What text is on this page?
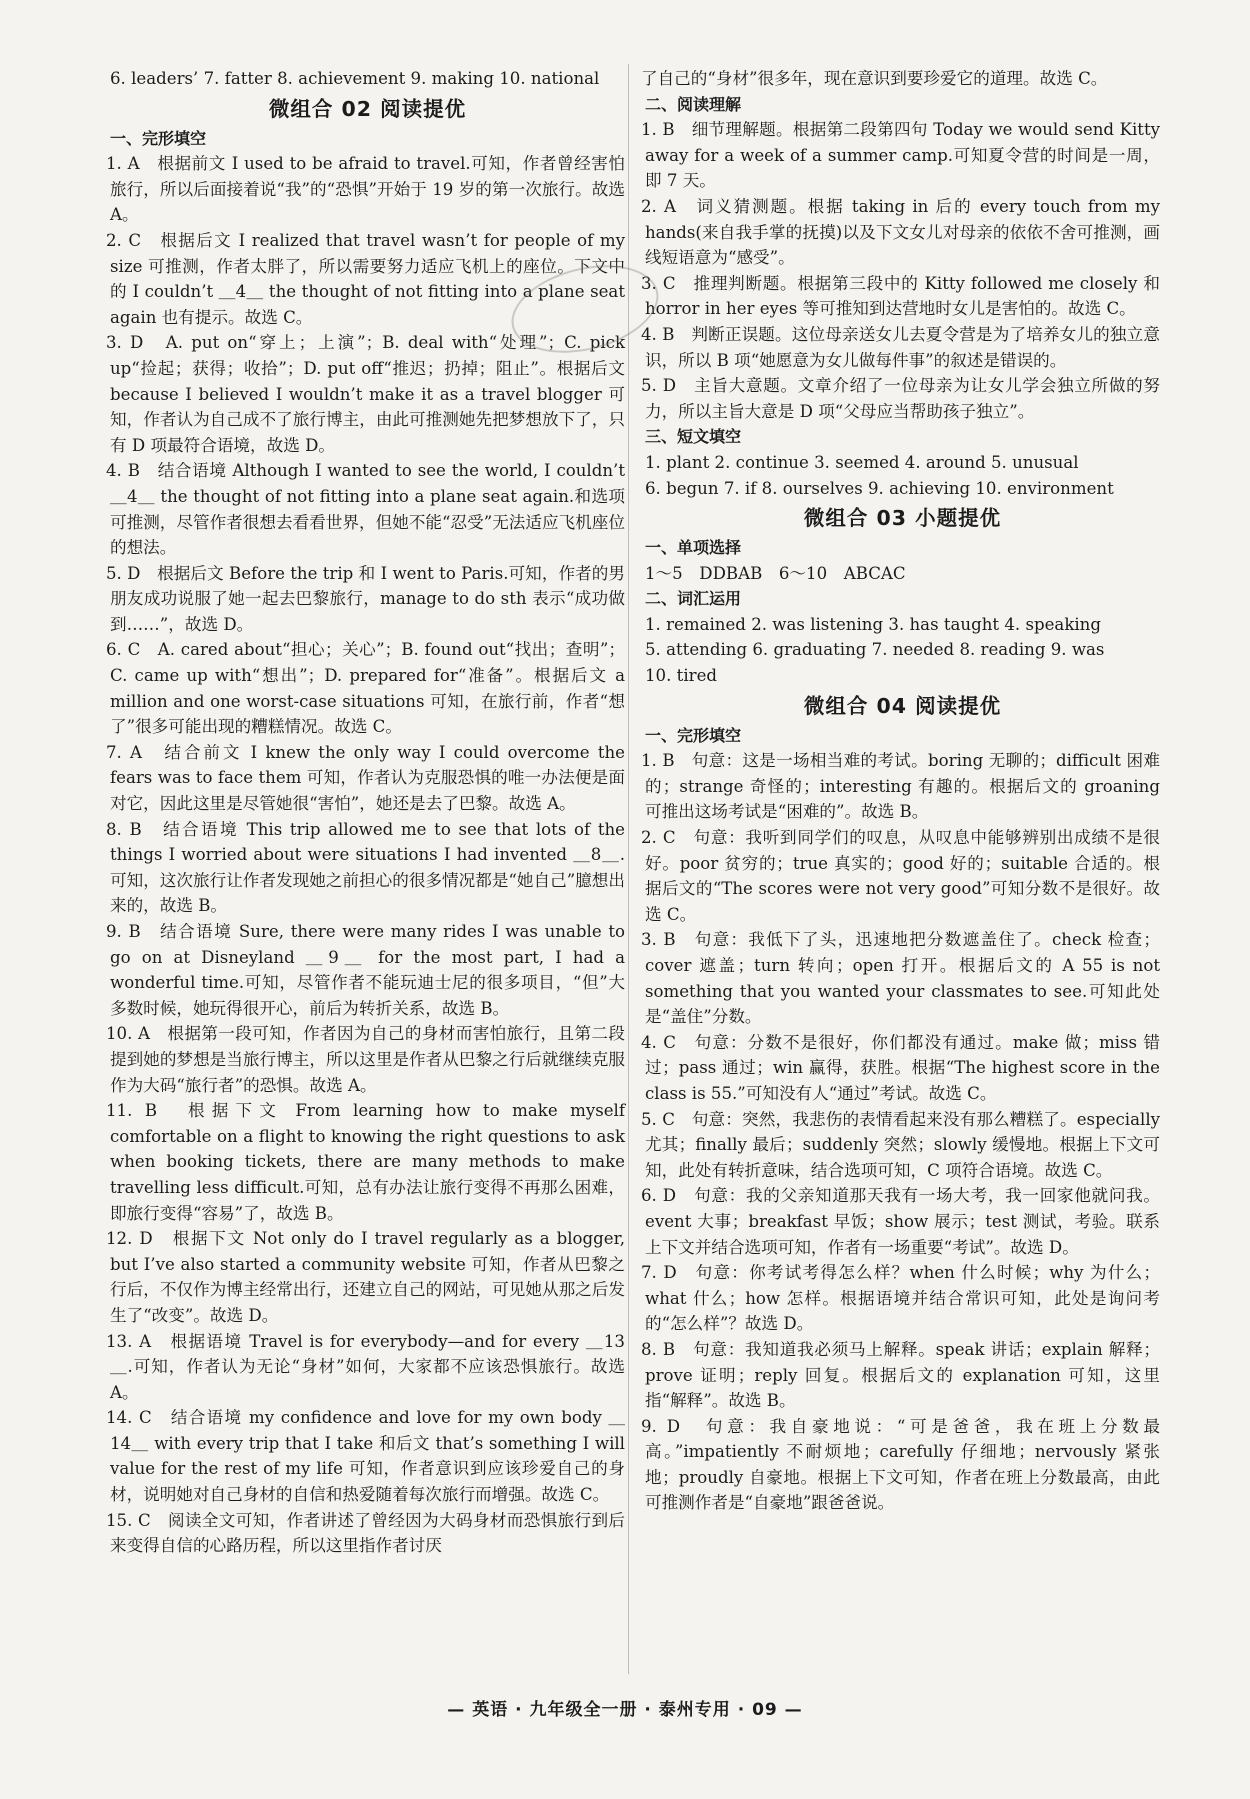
6. leaders’ 7. fatter 8. achievement 9. making 10. national
微组合 02 阅读提优
一、完形填空
1. A　根据前文 I used to be afraid to travel.可知，作者曾经害怕旅行，所以后面接着说“我”的“恐惧”开始于 19 岁的第一次旅行。故选 A。
2. C　根据后文 I realized that travel wasn’t for people of my size 可推测，作者太胖了，所以需要努力适应飞机上的座位。下文中的 I couldn’t ＿4＿ the thought of not fitting into a plane seat again 也有提示。故选 C。
3. D　A. put on“穿上；上演”；B. deal with“处理”；C. pick up“捡起；获得；收拾”；D. put off“推迟；扔掉；阻止”。根据后文 because I believed I wouldn’t make it as a travel blogger 可知，作者认为自己成不了旅行博主，由此可推测她先把梦想放下了，只有 D 项最符合语境，故选 D。
4. B　结合语境 Although I wanted to see the world, I couldn’t ＿4＿ the thought of not fitting into a plane seat again.和选项可推测，尽管作者很想去看看世界，但她不能“忍受”无法适应飞机座位的想法。
5. D　根据后文 Before the trip 和 I went to Paris.可知，作者的男朋友成功说服了她一起去巴黎旅行，manage to do sth 表示“成功做到……”，故选 D。
6. C　A. cared about“担心；关心”；B. found out“找出；查明”；C. came up with“想出”；D. prepared for“准备”。根据后文 a million and one worst-case situations 可知，在旅行前，作者“想了”很多可能出现的糟糕情况。故选 C。
7. A　结合前文 I knew the only way I could overcome the fears was to face them 可知，作者认为克服恐惧的唯一办法便是面对它，因此这里是尽管她很“害怕”，她还是去了巴黎。故选 A。
8. B　结合语境 This trip allowed me to see that lots of the things I worried about were situations I had invented ＿8＿.可知，这次旅行让作者发现她之前担心的很多情况都是“她自己”臆想出来的，故选 B。
9. B　结合语境 Sure, there were many rides I was unable to go on at Disneyland ＿9＿ for the most part, I had a wonderful time.可知，尽管作者不能玩迪士尼的很多项目，“但”大多数时候，她玩得很开心，前后为转折关系，故选 B。
10. A　根据第一段可知，作者因为自己的身材而害怕旅行，且第二段提到她的梦想是当旅行博主，所以这里是作者从巴黎之行后就继续克服作为大码“旅行者”的恐惧。故选 A。
11. B　根据下文 From learning how to make myself comfortable on a flight to knowing the right questions to ask when booking tickets, there are many methods to make travelling less difficult.可知，总有办法让旅行变得不再那么困难，即旅行变得“容易”了，故选 B。
12. D　根据下文 Not only do I travel regularly as a blogger, but I’ve also started a community website 可知，作者从巴黎之行后，不仅作为博主经常出行，还建立自己的网站，可见她从那之后发生了“改变”。故选 D。
13. A　根据语境 Travel is for everybody—and for every ＿13＿.可知，作者认为无论“身材”如何，大家都不应该恐惧旅行。故选 A。
14. C　结合语境 my confidence and love for my own body ＿14＿ with every trip that I take 和后文 that’s something I will value for the rest of my life 可知，作者意识到应该珍爱自己的身材，说明她对自己身材的自信和热爱随着每次旅行而增强。故选 C。
15. C　阅读全文可知，作者讲述了曾经因为大码身材而恐惧旅行到后来变得自信的心路历程，所以这里指作者讨厌
了自己的“身材”很多年，现在意识到要珍爱它的道理。故选 C。
二、阅读理解
1. B　细节理解题。根据第二段第四句 Today we would send Kitty away for a week of a summer camp.可知夏令营的时间是一周，即 7 天。
2. A　词义猜测题。根据 taking in 后的 every touch from my hands(来自我手掌的抚摸)以及下文女儿对母亲的依依不舍可推测，画线短语意为“感受”。
3. C　推理判断题。根据第三段中的 Kitty followed me closely 和 horror in her eyes 等可推知到达营地时女儿是害怕的。故选 C。
4. B　判断正误题。这位母亲送女儿去夏令营是为了培养女儿的独立意识，所以 B 项“她愿意为女儿做每件事”的叙述是错误的。
5. D　主旨大意题。文章介绍了一位母亲为让女儿学会独立所做的努力，所以主旨大意是 D 项“父母应当帮助孩子独立”。
三、短文填空
1. plant 2. continue 3. seemed 4. around 5. unusual
6. begun 7. if 8. ourselves 9. achieving 10. environment
微组合 03 小题提优
一、单项选择
1～5　DDBAB　6～10　ABCAC
二、词汇运用
1. remained 2. was listening 3. has taught 4. speaking
5. attending 6. graduating 7. needed 8. reading 9. was
10. tired
微组合 04 阅读提优
一、完形填空
1. B　句意：这是一场相当难的考试。boring 无聊的；difficult 困难的；strange 奇怪的；interesting 有趣的。根据后文的 groaning 可推出这场考试是“困难的”。故选 B。
2. C　句意：我听到同学们的叹息，从叹息中能够辨别出成绩不是很好。poor 贫穷的；true 真实的；good 好的；suitable 合适的。根据后文的“The scores were not very good”可知分数不是很好。故选 C。
3. B　句意：我低下了头，迅速地把分数遮盖住了。check 检查；cover 遮盖；turn 转向；open 打开。根据后文的 A 55 is not something that you wanted your classmates to see.可知此处是“盖住”分数。
4. C　句意：分数不是很好，你们都没有通过。make 做；miss 错过；pass 通过；win 赢得，获胜。根据“The highest score in the class is 55.”可知没有人“通过”考试。故选 C。
5. C　句意：突然，我悲伤的表情看起来没有那么糟糕了。especially 尤其；finally 最后；suddenly 突然；slowly 缓慢地。根据上下文可知，此处有转折意味，结合选项可知，C 项符合语境。故选 C。
6. D　句意：我的父亲知道那天我有一场大考，我一回家他就问我。event 大事；breakfast 早饭；show 展示；test 测试，考验。联系上下文并结合选项可知，作者有一场重要“考试”。故选 D。
7. D　句意：你考试考得怎么样？when 什么时候；why 为什么；what 什么；how 怎样。根据语境并结合常识可知，此处是询问考的“怎么样”？故选 D。
8. B　句意：我知道我必须马上解释。speak 讲话；explain 解释；prove 证明；reply 回复。根据后文的 explanation 可知，这里指“解释”。故选 B。
9. D　句意：我自豪地说：“可是爸爸，我在班上分数最高。”impatiently 不耐烦地；carefully 仔细地；nervously 紧张地；proudly 自豪地。根据上下文可知，作者在班上分数最高，由此可推测作者是“自豪地”跟爸爸说。
— 英语 · 九年级全一册 · 泰州专用 · 09 —
